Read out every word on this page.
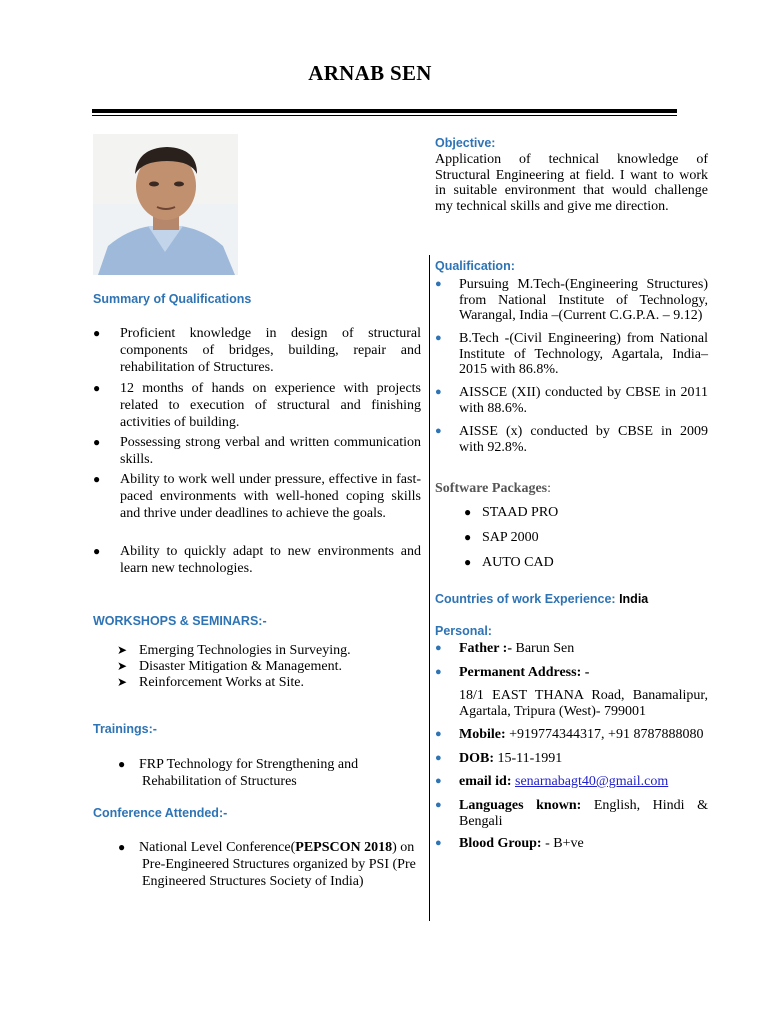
ARNAB SEN
Summary of Qualifications
● Proficient knowledge in design of structural components of bridges, building, repair and rehabilitation of Structures.
● 12 months of hands on experience with projects related to execution of structural and finishing activities of building.
● Possessing strong verbal and written communication skills.
● Ability to work well under pressure, effective in fast-paced environments with well-honed coping skills and thrive under deadlines to achieve the goals.
● Ability to quickly adapt to new environments and learn new technologies.
WORKSHOPS & SEMINARS:-
➤ Emerging Technologies in Surveying.
➤ Disaster Mitigation & Management.
➤ Reinforcement Works at Site.
Trainings:-
● FRP Technology for Strengthening and
Rehabilitation of Structures
Conference Attended:-
● National Level Conference(PEPSCON 2018) on
Pre-Engineered Structures organized by PSI (Pre
Engineered Structures Society of India)
Objective:
Application of technical knowledge of Structural Engineering at field. I want to work in suitable environment that would challenge my technical skills and give me direction.
Qualification:
● Pursuing M.Tech-(Engineering Structures) from National Institute of Technology, Warangal, India –(Current C.G.P.A. – 9.12)
● B.Tech -(Civil Engineering) from National Institute of Technology, Agartala, India– 2015 with 86.8%.
● AISSCE (XII) conducted by CBSE in 2011 with 88.6%.
● AISSE (x) conducted by CBSE in 2009 with 92.8%.
Software Packages:
● STAAD PRO
● SAP 2000
● AUTO CAD
Countries of work Experience: India
Personal:
● Father :- Barun Sen
● Permanent Address: -
18/1 EAST THANA Road, Banamalipur, Agartala, Tripura (West)- 799001
● Mobile: +919774344317, +91 8787888080
● DOB: 15-11-1991
● email id: senarnabagt40@gmail.com
● Languages known: English, Hindi & Bengali
● Blood Group: - B+ve
